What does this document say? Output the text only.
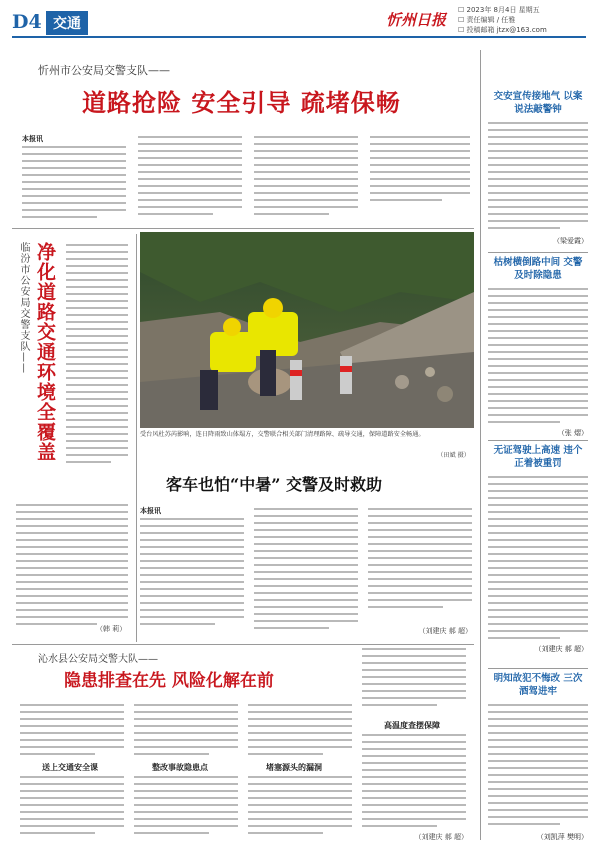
D4 交通	忻州日报
☐ 2023年 8月4日 星期五
☐ 责任编辑 / 任雅
☐ 投稿邮箱 jtzx@163.com
忻州市公安局交警支队——
道路抢险 安全引导 疏堵保畅
本报讯
临汾市公安局交警支队—— 净化道路交通环境全覆盖
（韩 莉）
受台风杜苏芮影响，连日降雨致山体塌方，交警联合相关部门清理路障、疏导交通，保障道路安全畅通。
（田斌 摄）
客车也怕“中暑” 交警及时救助
本报讯
（刘建庆 郝 超）
沁水县公安局交警大队——
隐患排查在先 风险化解在前
送上交通安全课	整改事故隐患点	堵塞源头的漏洞
高温度查摆保障
（刘建庆 郝 超）
交安宣传接地气 以案说法敲警钟
（梁爱霞）
枯树横倒路中间 交警及时除隐患
（张 熠）
无证驾驶上高速 违个正着被重罚
（刘建庆 郝 超）
明知故犯不悔改 三次酒驾进牢
（刘凯萍 樊明）
